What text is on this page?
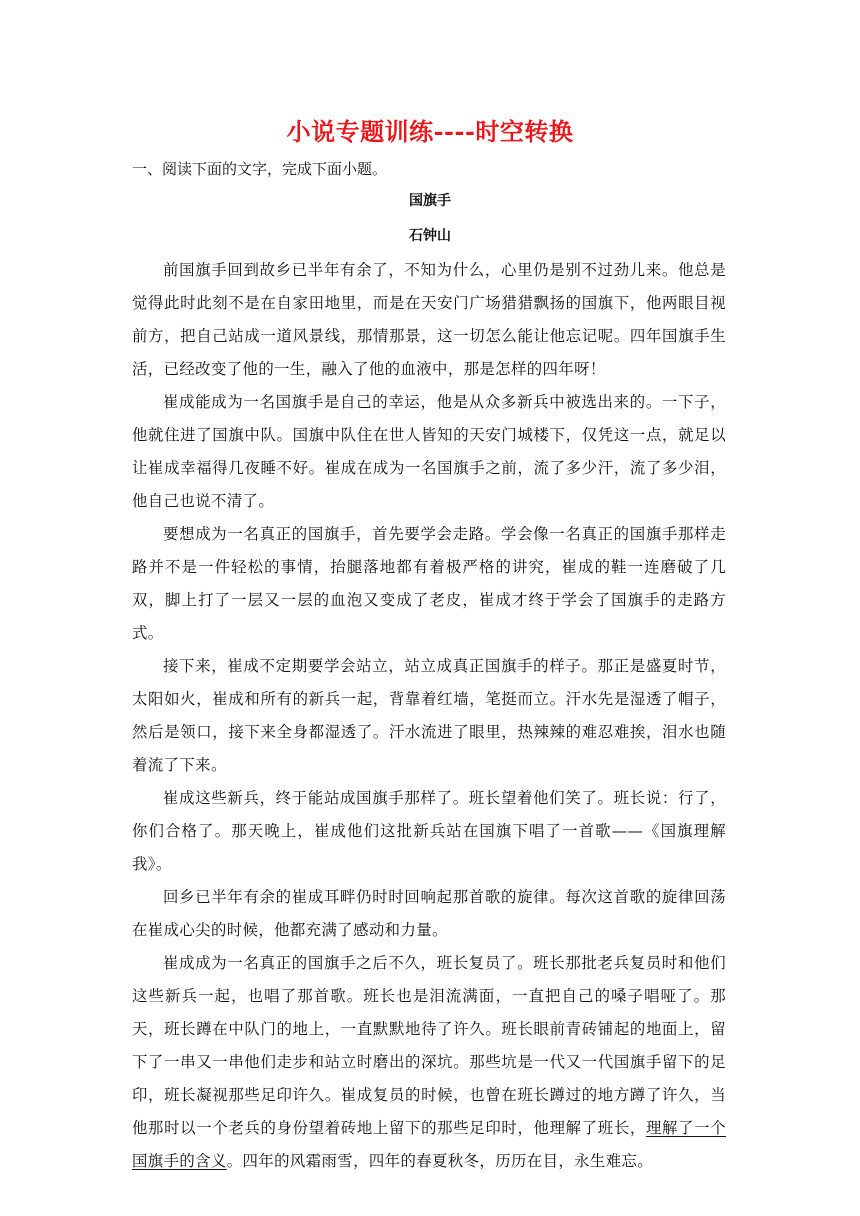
小说专题训练----时空转换
一、阅读下面的文字，完成下面小题。
国旗手
石钟山

前国旗手回到故乡已半年有余了，不知为什么，心里仍是别不过劲儿来。他总是觉得此时此刻不是在自家田地里，而是在天安门广场猎猎飘扬的国旗下，他两眼目视前方，把自己站成一道风景线，那情那景，这一切怎么能让他忘记呢。四年国旗手生活，已经改变了他的一生，融入了他的血液中，那是怎样的四年呀！

崔成能成为一名国旗手是自己的幸运，他是从众多新兵中被选出来的。一下子，他就住进了国旗中队。国旗中队住在世人皆知的天安门城楼下，仅凭这一点，就足以让崔成幸福得几夜睡不好。崔成在成为一名国旗手之前，流了多少汗，流了多少泪，他自己也说不清了。

要想成为一名真正的国旗手，首先要学会走路。学会像一名真正的国旗手那样走路并不是一件轻松的事情，抬腿落地都有着极严格的讲究，崔成的鞋一连磨破了几双，脚上打了一层又一层的血泡又变成了老皮，崔成才终于学会了国旗手的走路方式。

接下来，崔成不定期要学会站立，站立成真正国旗手的样子。那正是盛夏时节，太阳如火，崔成和所有的新兵一起，背靠着红墙，笔挺而立。汗水先是湿透了帽子，然后是领口，接下来全身都湿透了。汗水流进了眼里，热辣辣的难忍难挨，泪水也随着流了下来。

崔成这些新兵，终于能站成国旗手那样了。班长望着他们笑了。班长说：行了，你们合格了。那天晚上，崔成他们这批新兵站在国旗下唱了一首歌——《国旗理解我》。

回乡已半年有余的崔成耳畔仍时时回响起那首歌的旋律。每次这首歌的旋律回荡在崔成心尖的时候，他都充满了感动和力量。

崔成成为一名真正的国旗手之后不久，班长复员了。班长那批老兵复员时和他们这些新兵一起，也唱了那首歌。班长也是泪流满面，一直把自己的嗓子唱哑了。那天，班长蹲在中队门的地上，一直默默地待了许久。班长眼前青砖铺起的地面上，留下了一串又一串他们走步和站立时磨出的深坑。那些坑是一代又一代国旗手留下的足印，班长凝视那些足印许久。崔成复员的时候，也曾在班长蹲过的地方蹲了许久，当他那时以一个老兵的身份望着砖地上留下的那些足印时，他理解了班长，理解了一个国旗手的含义。四年的风霜雨雪，四年的春夏秋冬，历历在目，永生难忘。
